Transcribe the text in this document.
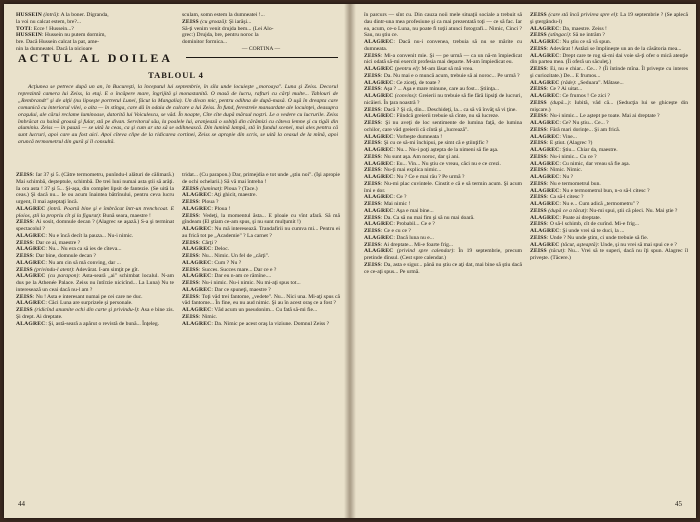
HUSSEIN (intră): A la boner. Digranda,

la voi nu calcat estem, bre?...

TOTI: Ecce ! Hussein...?

HUSSEIN: Hussein nu putem dormim,

bre. Dacă Hussein calcat la pat, ame-

nin la dumneatei. Dacă la picioare

sculam, somn estem la dumneatei !...

ZEISS (cu groază): Şi iarăşi...

Să-ţi venim venit drujda bem... (Lei Alo-

grec:) Drujda, bre, pentru noroc la

dominitor formica...

— CORTINA —

ACTUL AL DOILEA
TABLOUL 4
Acţiunea se petrece după un an, în Bucureşti, la începutul lui septembrie, în sîla unde locuieşte „moroaya". Luna şi Zeiss. Decorul reprezintă camera lui Zeiss, la etaj. E o încăpere mare, îngrijită şi monastanită. O masă de lucru, rafturi cu cărţi multe... Tablouri de „Rembrandt" şi de alţii (nu lipseşte portretul Lunei, făcut la Mangalia). Un divan mic, pentru odihna de după-masă. O uşă în dreapta care comunică cu interiorul vilei, o alta — în stînga, care dă în odaia de culcare a lui Zeiss. În fund, ferestrele mansardate ale locuinţei, deasupra oraşului, ale cărui reclame luminoase, datorită lui Voiculescu, se văd. În noapte, Cîte cîte după mărsul noştri. Le o vedere cu lucrurile. Zeiss îmbrăcat cu haină groasă şi fular, stă pe divan. Servitorul său, la poalele lui, aranjează o sobiţă din cărămizi cu câteva lemne şi cu tigăi din aluminiu. Zeiss — în pauză — se uită la ceas, ca şi cum ar sta să se odihnească. Din lumină lampă, stă în fundul scenei, mai ales pentru că sunt lucruri, apoi care au fost aici. Apoi cîteva clipe de la ridicarea cortinei, Zeiss se apropie din scris, se uită la ceasul de la mînă, apoi aruncă termometrul din gură şi îl consultă.

ZEISS: Iar 37 şi 5. (Către termometru, punîndu-l alături de călimară.) Mai schimbă, deşteptule, schimbă. De trei luni numai asta ştii să arăţi. Ia ora asta ! 37 şi 5... Şi-aşa, din complet lipsit de fantezie. (Se uită la ceas.) Şi dacă nu... Ie ou acum înaintea bătrînului, pentru ceva lucru urgent, îl mai aşteptaţi încă.

ALAGREC (intră. Poartă bine şi e îmbrăcat într-un trenchcoat. E ploios, ştii la propriu cît şi la figurat): Bună seara, maestre !

ZEISS: Ai sosit, domnule decan ? (Alagrec se aşază.) S-a şi terminat spectacolul ?

ALAGREC: Nu e încă decît la pauza... Nu-i nimic.

ZEISS: Dar ce ai, maestre ?

ALAGREC: Nu... Nu era ca să ies de cîteva...

ZEISS: Dar bine, domnule decan ?

ALAGREC: Nu am cin să mă conving, dar ...

ZEISS (privindu-l atent): Adevărat. I-am simţit pe gît.

ALAGREC (cu parapon): Asta-seară „ai" schimbat localul. N-am dus pe la Athenée Palace. Zeiss nu întîrzie nicicînd... La Luna) Nu te interesează un ceai dacă nu-l am ?

ZEISS: Nu ! Asta e interesant numai pe cei care ne duc.

ALAGREC: Căci Luna are surprizele şi personale.

ZEISS (ridicînd anumite ochi din carte şi privindu-l): Asa e bine zis. Şi drept. Ai dreptate.

ALAGREC: Şi, astă-seară a apărut o revistă de bună... Înţeleg.

tridat... (Cu parapon.) Dar, primejdia e tot unde „ştiu noi". (Îşi apropie de ochi ochelarii.) Să vă mai întreba !

ZEISS (luminat): Ploua ? (Tace.)

ALAGREC: Aţi ghicit, maestre.

ZEISS: Ploua ?

ALAGREC: Ploua !

ZEISS: Vedeţi, la momentul ăsta... E ploaie cu vînt afară. Să mă gîndeam (El ştiam ce-am spus, şi nu sunt mulţumit !)

ALAGREC: Nu mă interesează. Trandafirii nu cumva mi... Pentru ei au frică tot pe „Academie" ? La carnet ?

ZEISS: Cărţi ?

ALAGREC: Deloc.

ZEISS: Nu... Nimic. Un fel de „cărţi".

ALAGREC: Cum ? Nu ?

ZEISS: Succes. Succes mare... Dar ce e ?

ALAGREC: Dar eu n-am ce rămîne....

ZEISS: Nu-i nimic. Nu-i nimic. Nu mi-aţi spus tot...

ALAGREC: Dar ce spuneţi, maestre ?

ZEISS: Toţi văd trei fantome, „vedete". Nu... Nici una. Mi-aţi spus că văd fantome... În fine, eu nu aud nimic. Şi au în acest oraş ce a fost ?

ALAGREC: Văd acum un pseudonim... Cu fată să-mi fie...

ZEISS: Nimic.

ALAGREC: Da. Nimic pe acest oraş la viziune. Domnul Zeiss ?

44

în parcurs — sînt cu. Din cauza noii mele situaţii sociale a trebuit să dau dintr-una mea profesiune şi ca mai prezentată toţi — ce să fac. Iar ea, acum, ce-o Luna, nu poate fi toţii atunci fotografi... Nimic, Cinci ? Sau, nu ştiu ce.

ALAGREC: Dacă nu-i convenea, trebuia să nu se mărite cu dumneata.

ZEISS: Mi-a convenit mie. Şi — pe urmă — ca un nă-m împiedicat nici odată să-mi exercit profesia mai departe. M-am împiedicat eu.

ALAGREC (pentru el): M-am lăsat să mă vrea.

ZEISS: Da. Nu mai e o muncă acum, trebuie să ai noroc... Pe urmă ?

ALAGREC: Ce ziceţi, de toate ?

ZEISS: Aşa ? ... Aşa e mare minune, care au fost... Ştiinţa...

ALAGREC (convins): Greierii nu trebuie să fie fără lipsiţi de lucruri, nicăieri. În ţara noastră ?

ZEISS: Dacă ? Şi că, din... Deschideţi, la... ca să vă învăţ să vi ţine.

ALAGREC: Fiindcă greierii trebuie să cînte, nu să lucreze.

ZEISS: Şi nu aveţi de loc sentimente de lumina faţă, de lumina ochilor, care văd greierii că cîntă şi „lucrează".

ALAGREC: Vorbeşte dumneata !

ZEISS: Şi cu ce să-mi închipui, pe simt că e ştiinţific ?

ALAGREC: Nu... Nu-i poţi aştepta de la nimeni să fie aşa.

ZEISS: Nu sunt aşa. Am noroc, dar şi ani.

ALAGREC: Eu... Vin... Nu ştiu ce vreau, căci nu e ce crezi.

ZEISS: Nu-ţi mai explica nimic...

ALAGREC: Nu ? Ce e mai rău ? Pe urmă ?

ZEISS: Nu-mi plac cuvintele. Cinstit e că e să termin acum. Şi acum îmi e dor.

ALAGREC: Ce ?

ZEISS: Mai nimic !

ALAGREC: Aşa e mai bine...

ZEISS: Da. Ca să nu mai fim şi să nu mai doară.

ALAGREC: Probabil... Ce e ?

ZEISS: Ce e cu ce ?

ALAGREC: Dacă luna nu e...

ZEISS: Ai dreptate... Mi-e foarte frig...

ALAGREC (privind spre calendar): În 19 septembrie, precum pretinde dînsul. (Cest spre calendar.)

ZEISS: Da, asta e sigur... până nu ştiu ce aţi dat, mai bine să ştiu dacă ce ce-aţi spus... Pe urmă.

ZEISS (care stă încă privirea spre el): La 19 septembrie ? (Se aplecă şi ştergându-l)

ALAGREC: Da, maestre. Zeiss !

ZEISS (stîngaci): Să ne intrăm ?

ALAGREC: Nu ştiu ce să vă spun.

ZEISS: Adevărat ! Astăzi se împlineşte un an de la căsătoria mea...

ALAGREC: Drept care te rog să-mi dai voie să-ţi ofer o mică atenţie din partea mea. (Îi oferă un săculeţ.)

ZEISS: Ei, nu e chiar... Ce... ? (Îi întinde mîna. Îl priveşte cu interes şi curiozitate.) De... E frumos...

ALAGREC (râde): „Seduara". Mătase...

ZEISS: Ce ? Ai uitat...

ALAGREC: Ce frumos ! Ce zici ?

ZEISS (după...): Iubită, văd că... (Seducţia lui se ghiceşte din mişcare.)

ZEISS: Nu-i nimic... Le aştept pe toate. Mai ai dreptate ?

ALAGREC: Ce? Nu ştiu... Ce... ?

ZEISS: Fără mari dorinţe... Şi am frică.

ALAGREC: Vine...

ZEISS: E ştiut. (Alagrec ?)

ALAGREC: Ştiu... Chiar da, maestre.

ZEISS: Nu-i nimic... Cu ce ?

ALAGREC: Cu nimic, dar vreau să fie aşa.

ZEISS: Nimic. Nimic.

ALAGREC: Nu ?

ZEISS: Nu e termometrul bun.

ALAGREC: Nu e termometrul bun, n-o să-l citesc ?

ZEISS: Ca să-l citesc ?

ALAGREC: Nu e... Cum adică „termometru" ?

ZEISS (după ce a tăcut): Nu-mi spui, ştii că pleci. Nu. Mai ştie ?

ALAGREC: Poate ai dreptate.

ZEISS: O să-l schimb, cît de curînd. Mi-e frig...

ALAGREC: Şi unde vrei să te duci, la ...

ZEISS: Unde ? Nu unde ştim, ci unde trebuie să fie.

ALAGREC (tăcut, aşteaptă): Unde, şi nu vrei să mai spui ce e ?

ZEISS (tăcut): Nu... Vrei să te superi, dacă nu îţi spun. Alagrec îl priveşte. (Tăcere.)

45
